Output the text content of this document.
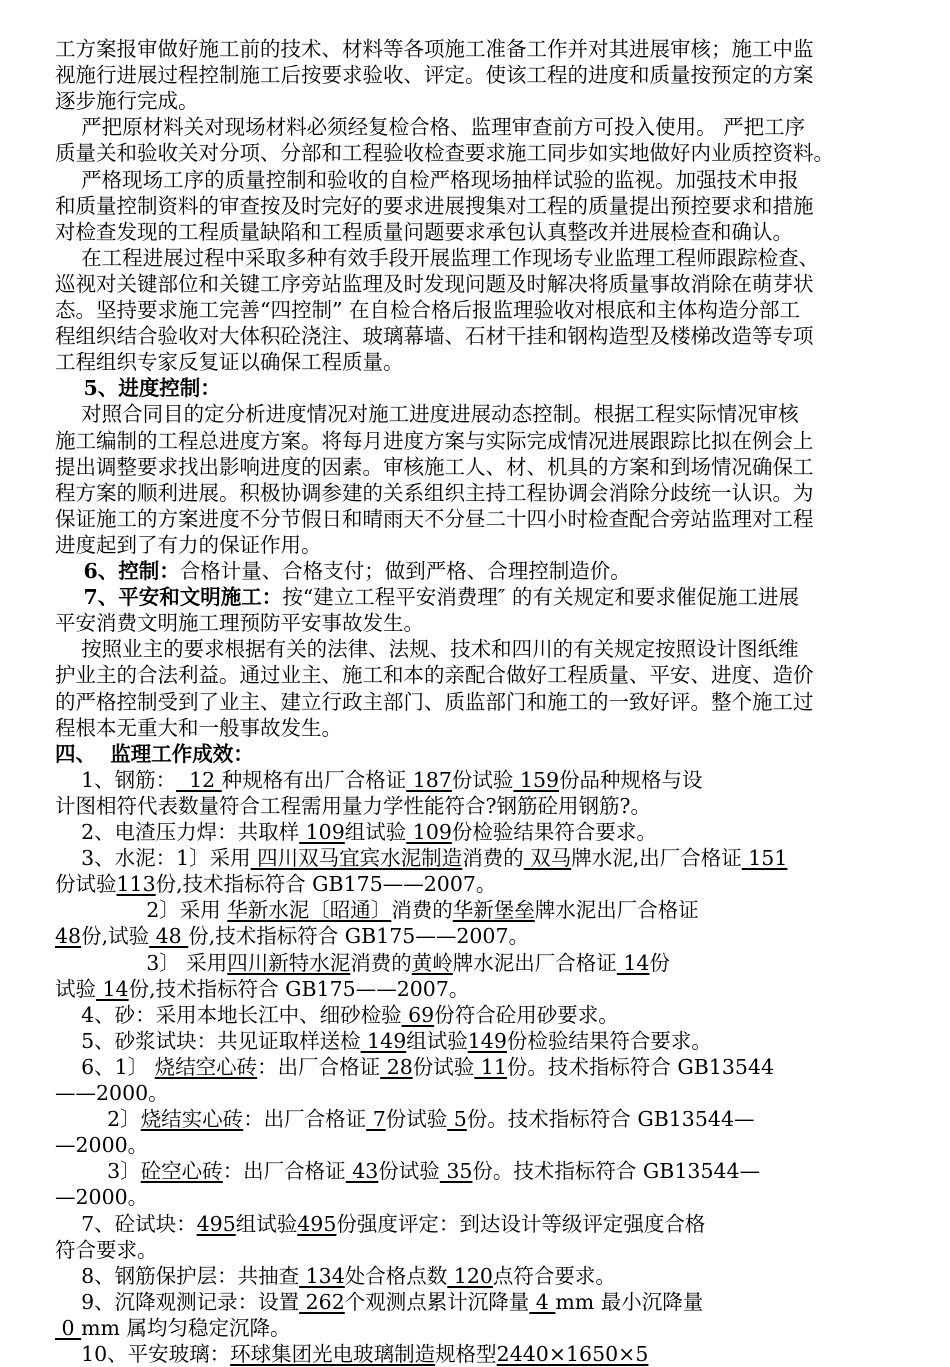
工方案报审做好施工前的技术、材料等各项施工准备工作并对其进展审核；施工中监
视施行进展过程控制施工后按要求验收、评定。使该工程的进度和质量按预定的方案
逐步施行完成。
严把原材料关对现场材料必须经复检合格、监理审查前方可投入使用。 严把工序
质量关和验收关对分项、分部和工程验收检查要求施工同步如实地做好内业质控资料。
严格现场工序的质量控制和验收的自检严格现场抽样试验的监视。加强技术申报
和质量控制资料的审查按及时完好的要求进展搜集对工程的质量提出预控要求和措施
对检查发现的工程质量缺陷和工程质量问题要求承包认真整改并进展检查和确认。
在工程进展过程中采取多种有效手段开展监理工作现场专业监理工程师跟踪检查、
巡视对关键部位和关键工序旁站监理及时发现问题及时解决将质量事故消除在萌芽状
态。坚持要求施工完善“四控制” 在自检合格后报监理验收对根底和主体构造分部工
程组织结合验收对大体积砼浇注、玻璃幕墙、石材干挂和钢构造型及楼梯改造等专项
工程组织专家反复证以确保工程质量。
5、进度控制：
对照合同目的定分析进度情况对施工进度进展动态控制。根据工程实际情况审核
施工编制的工程总进度方案。将每月进度方案与实际完成情况进展跟踪比拟在例会上
提出调整要求找出影响进度的因素。审核施工人、材、机具的方案和到场情况确保工
程方案的顺利进展。积极协调参建的关系组织主持工程协调会消除分歧统一认识。为
保证施工的方案进度不分节假日和晴雨天不分昼二十四小时检查配合旁站监理对工程
进度起到了有力的保证作用。
6、控制：合格计量、合格支付；做到严格、合理控制造价。
7、平安和文明施工：按“建立工程平安消费理″ 的有关规定和要求催促施工进展
平安消费文明施工理预防平安事故发生。
按照业主的要求根据有关的法律、法规、技术和四川的有关规定按照设计图纸维
护业主的合法利益。通过业主、施工和本的亲配合做好工程质量、平安、进度、造价
的严格控制受到了业主、建立行政主部门、质监部门和施工的一致好评。整个施工过
程根本无重大和一般事故发生。
四、  监理工作成效：
1、钢筋：  12 种规格有出厂合格证 187份试验 159份品种规格与设
计图相符代表数量符合工程需用量力学性能符合?钢筋砼用钢筋?。
2、电渣压力焊：共取样 109组试验 109份检验结果符合要求。
3、水泥：1〕采用 四川双马宜宾水泥制造消费的 双马牌水泥,出厂合格证 151
份试验113份,技术指标符合 GB175——2007。
2〕采用 华新水泥〔昭通〕消费的华新堡垒牌水泥出厂合格证
48份,试验 48 份,技术指标符合 GB175——2007。
3〕 采用四川新特水泥消费的黄岭牌水泥出厂合格证 14份
试验 14份,技术指标符合 GB175——2007。
4、砂：采用本地长江中、细砂检验 69份符合砼用砂要求。
5、砂浆试块：共见证取样送检 149组试验149份检验结果符合要求。
6、1〕 烧结空心砖：出厂合格证 28份试验 11份。技术指标符合 GB13544
——2000。
2〕烧结实心砖：出厂合格证 7份试验 5份。技术指标符合 GB13544—
—2000。
3〕砼空心砖：出厂合格证 43份试验 35份。技术指标符合 GB13544—
—2000。
7、砼试块：495组试验495份强度评定：到达设计等级评定强度合格
符合要求。
8、钢筋保护层：共抽查 134处合格点数 120点符合要求。
9、沉降观测记录：设置 262个观测点累计沉降量 4 mm 最小沉降量
0 mm 属均匀稳定沉降。
10、平安玻璃：环球集团光电玻璃制造规格型2440×1650×5
